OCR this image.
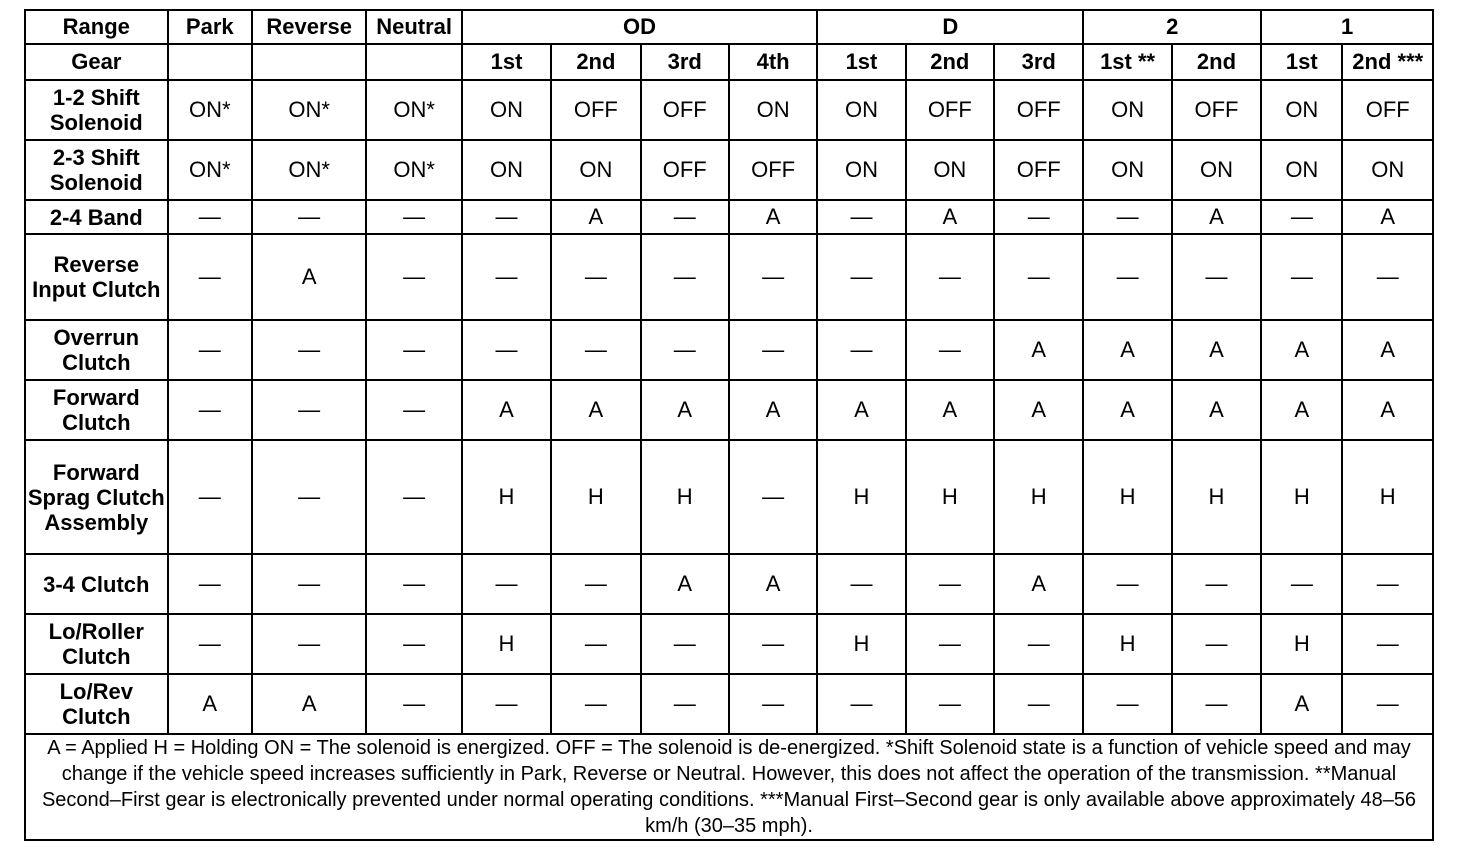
Range	Park	Reverse	Neutral	OD				D			2		1	
Gear				1st	2nd	3rd	4th	1st	2nd	3rd	1st **	2nd	1st	2nd ***
1-2 Shift Solenoid	ON*	ON*	ON*	ON	OFF	OFF	ON	ON	OFF	OFF	ON	OFF	ON	OFF
2-3 Shift Solenoid	ON*	ON*	ON*	ON	ON	OFF	OFF	ON	ON	OFF	ON	ON	ON	ON
2-4 Band	—	—	—	—	A	—	A	—	A	—	—	A	—	A
Reverse Input Clutch	—	A	—	—	—	—	—	—	—	—	—	—	—	—
Overrun Clutch	—	—	—	—	—	—	—	—	—	A	A	A	A	A
Forward Clutch	—	—	—	A	A	A	A	A	A	A	A	A	A	A
Forward Sprag Clutch Assembly	—	—	—	H	H	H	—	H	H	H	H	H	H	H
3-4 Clutch	—	—	—	—	—	A	A	—	—	A	—	—	—	—
Lo/Roller Clutch	—	—	—	H	—	—	—	H	—	—	H	—	H	—
Lo/Rev Clutch	A	A	—	—	—	—	—	—	—	—	—	—	A	—
A = Applied H = Holding ON = The solenoid is energized. OFF = The solenoid is de-energized. *Shift Solenoid state is a function of vehicle speed and may change if the vehicle speed increases sufficiently in Park, Reverse or Neutral. However, this does not affect the operation of the transmission. **Manual Second–First gear is electronically prevented under normal operating conditions. ***Manual First–Second gear is only available above approximately 48–56 km/h (30–35 mph).														
